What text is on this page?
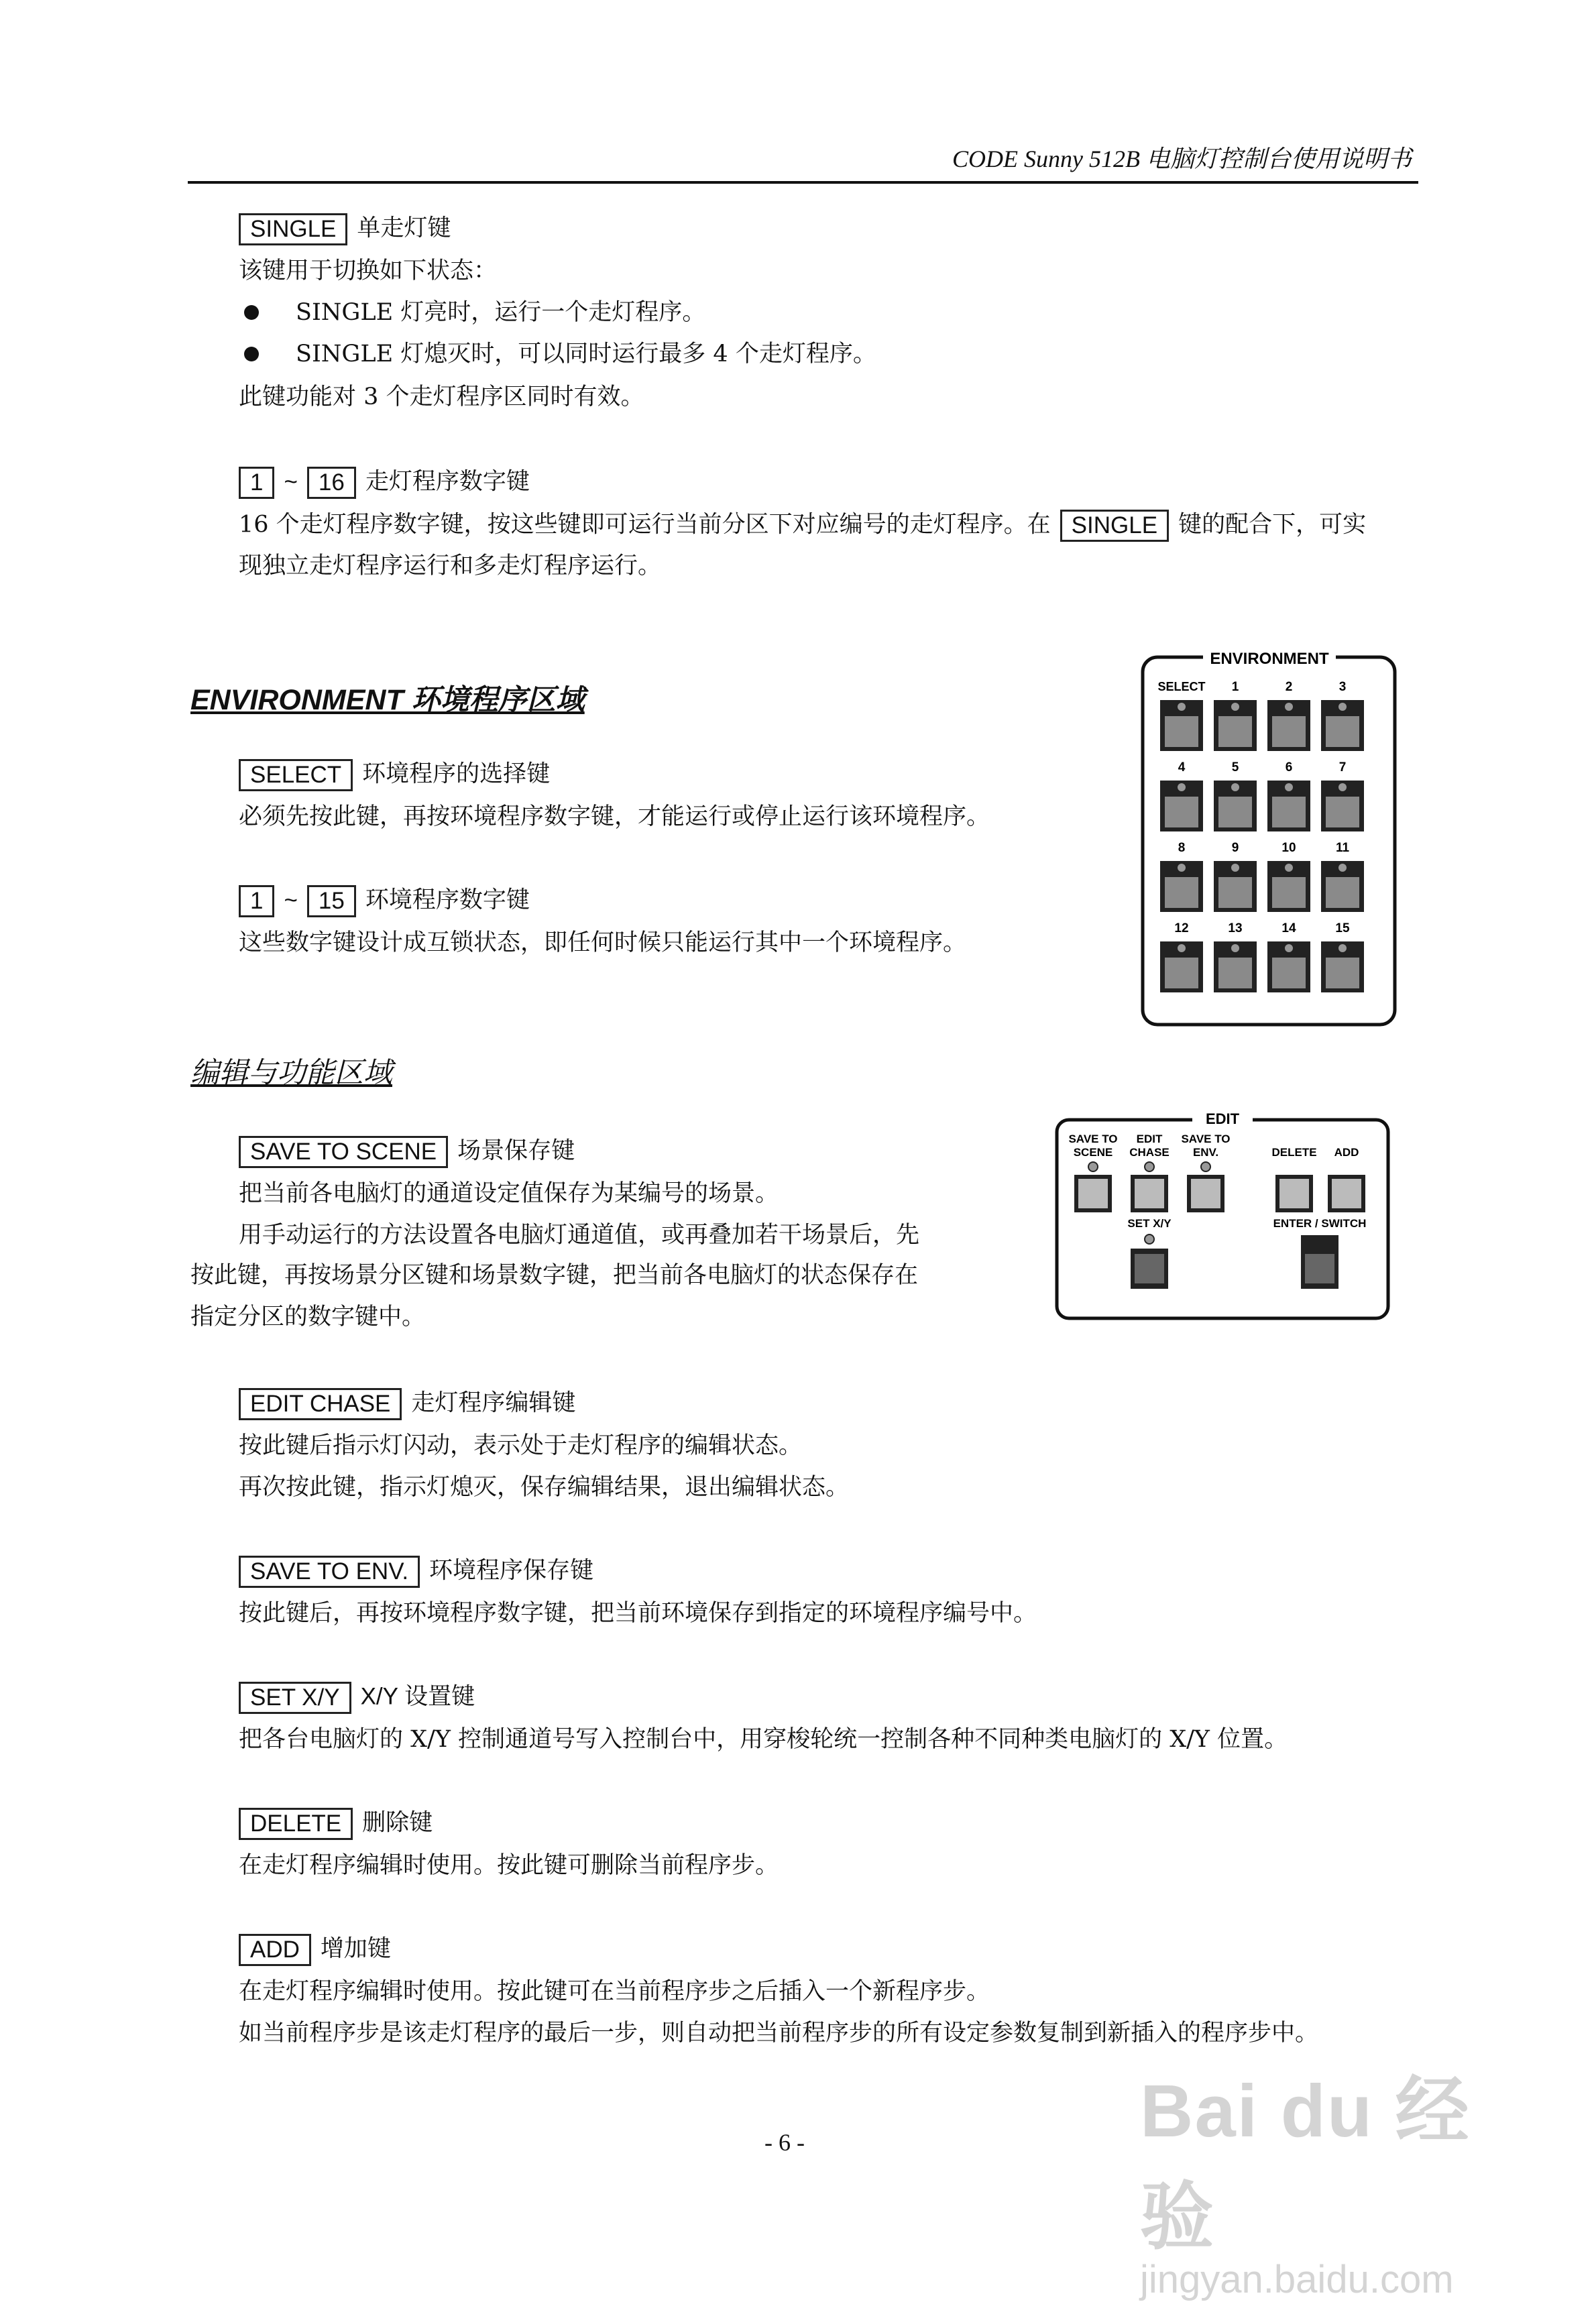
CODE Sunny 512B 电脑灯控制台使用说明书
SINGLE 单走灯键
该键用于切换如下状态：
SINGLE 灯亮时，运行一个走灯程序。
SINGLE 灯熄灭时，可以同时运行最多 4 个走灯程序。
此键功能对 3 个走灯程序区同时有效。
1 ~ 16 走灯程序数字键
16 个走灯程序数字键，按这些键即可运行当前分区下对应编号的走灯程序。在 SINGLE 键的配合下，可实
现独立走灯程序运行和多走灯程序运行。
ENVIRONMENT 环境程序区域
SELECT 环境程序的选择键
必须先按此键，再按环境程序数字键，才能运行或停止运行该环境程序。
1 ~ 15 环境程序数字键
这些数字键设计成互锁状态，即任何时候只能运行其中一个环境程序。
ENVIRONMENT
SELECT 1	2	3
4	5	6	7
8	9	10	11
12	13	14	15
编辑与功能区域
SAVE TO SCENE 场景保存键
把当前各电脑灯的通道设定值保存为某编号的场景。
用手动运行的方法设置各电脑灯通道值，或再叠加若干场景后，先
按此键，再按场景分区键和场景数字键，把当前各电脑灯的状态保存在
指定分区的数字键中。
EDIT
SAVE TO
SCENE
EDIT
CHASE
SAVE TO
ENV.	DELETE ADD
SET X/Y	ENTER / SWITCH
EDIT CHASE 走灯程序编辑键
按此键后指示灯闪动，表示处于走灯程序的编辑状态。
再次按此键，指示灯熄灭，保存编辑结果，退出编辑状态。
SAVE TO ENV. 环境程序保存键
按此键后，再按环境程序数字键，把当前环境保存到指定的环境程序编号中。
SET X/Y X/Y 设置键
把各台电脑灯的 X/Y 控制通道号写入控制台中，用穿梭轮统一控制各种不同种类电脑灯的 X/Y 位置。
DELETE 删除键
在走灯程序编辑时使用。按此键可删除当前程序步。
ADD 增加键
在走灯程序编辑时使用。按此键可在当前程序步之后插入一个新程序步。
如当前程序步是该走灯程序的最后一步，则自动把当前程序步的所有设定参数复制到新插入的程序步中。
- 6 -	Bai du 经验
jingyan.baidu.com
